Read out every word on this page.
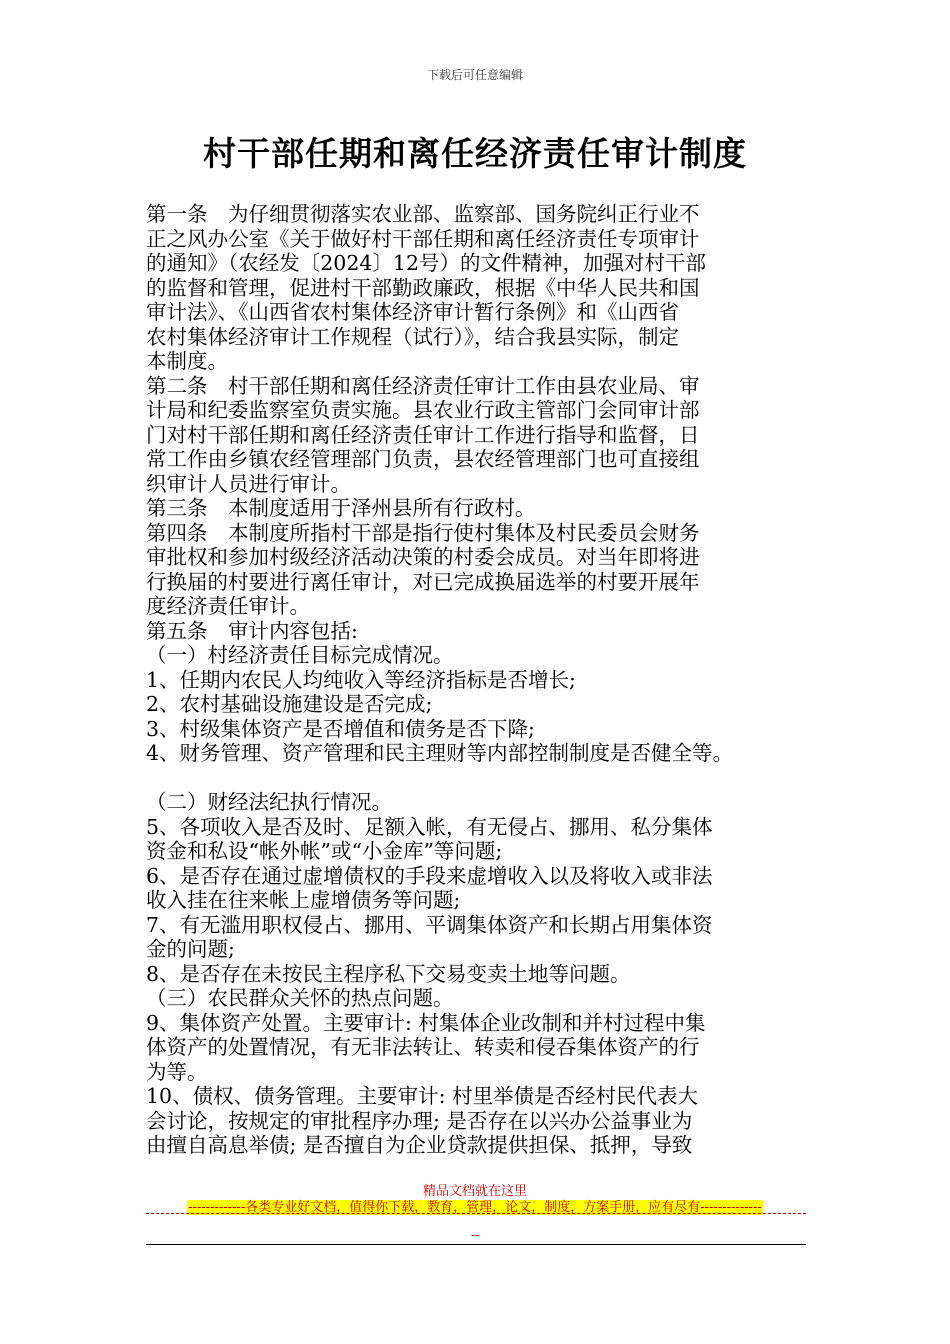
下载后可任意编辑
村干部任期和离任经济责任审计制度
第一条　为仔细贯彻落实农业部、监察部、国务院纠正行业不
正之风办公室《关于做好村干部任期和离任经济责任专项审计
的通知》（农经发〔2024〕12号）的文件精神，加强对村干部
的监督和管理，促进村干部勤政廉政，根据《中华人民共和国
审计法》、《山西省农村集体经济审计暂行条例》和《山西省
农村集体经济审计工作规程（试行）》，结合我县实际，制定
本制度。
第二条　村干部任期和离任经济责任审计工作由县农业局、审
计局和纪委监察室负责实施。县农业行政主管部门会同审计部
门对村干部任期和离任经济责任审计工作进行指导和监督，日
常工作由乡镇农经管理部门负责，县农经管理部门也可直接组
织审计人员进行审计。
第三条　本制度适用于泽州县所有行政村。
第四条　本制度所指村干部是指行使村集体及村民委员会财务
审批权和参加村级经济活动决策的村委会成员。对当年即将进
行换届的村要进行离任审计，对已完成换届选举的村要开展年
度经济责任审计。
第五条　审计内容包括:
（一）村经济责任目标完成情况。
1、任期内农民人均纯收入等经济指标是否增长;
2、农村基础设施建设是否完成;
3、村级集体资产是否增值和债务是否下降;
4、财务管理、资产管理和民主理财等内部控制制度是否健全等。
（二）财经法纪执行情况。
5、各项收入是否及时、足额入帐，有无侵占、挪用、私分集体
资金和私设“帐外帐”或“小金库”等问题;
6、是否存在通过虚增债权的手段来虚增收入以及将收入或非法
收入挂在往来帐上虚增债务等问题;
7、有无滥用职权侵占、挪用、平调集体资产和长期占用集体资
金的问题;
8、是否存在未按民主程序私下交易变卖土地等问题。
（三）农民群众关怀的热点问题。
9、集体资产处置。主要审计: 村集体企业改制和并村过程中集
体资产的处置情况，有无非法转让、转卖和侵吞集体资产的行
为等。
10、债权、债务管理。主要审计: 村里举债是否经村民代表大
会讨论，按规定的审批程序办理; 是否存在以兴办公益事业为
由擅自高息举债; 是否擅自为企业贷款提供担保、抵押，导致
精品文档就在这里
-------------各类专业好文档，值得你下载，教育，管理，论文，制度，方案手册，应有尽有--------------
--
